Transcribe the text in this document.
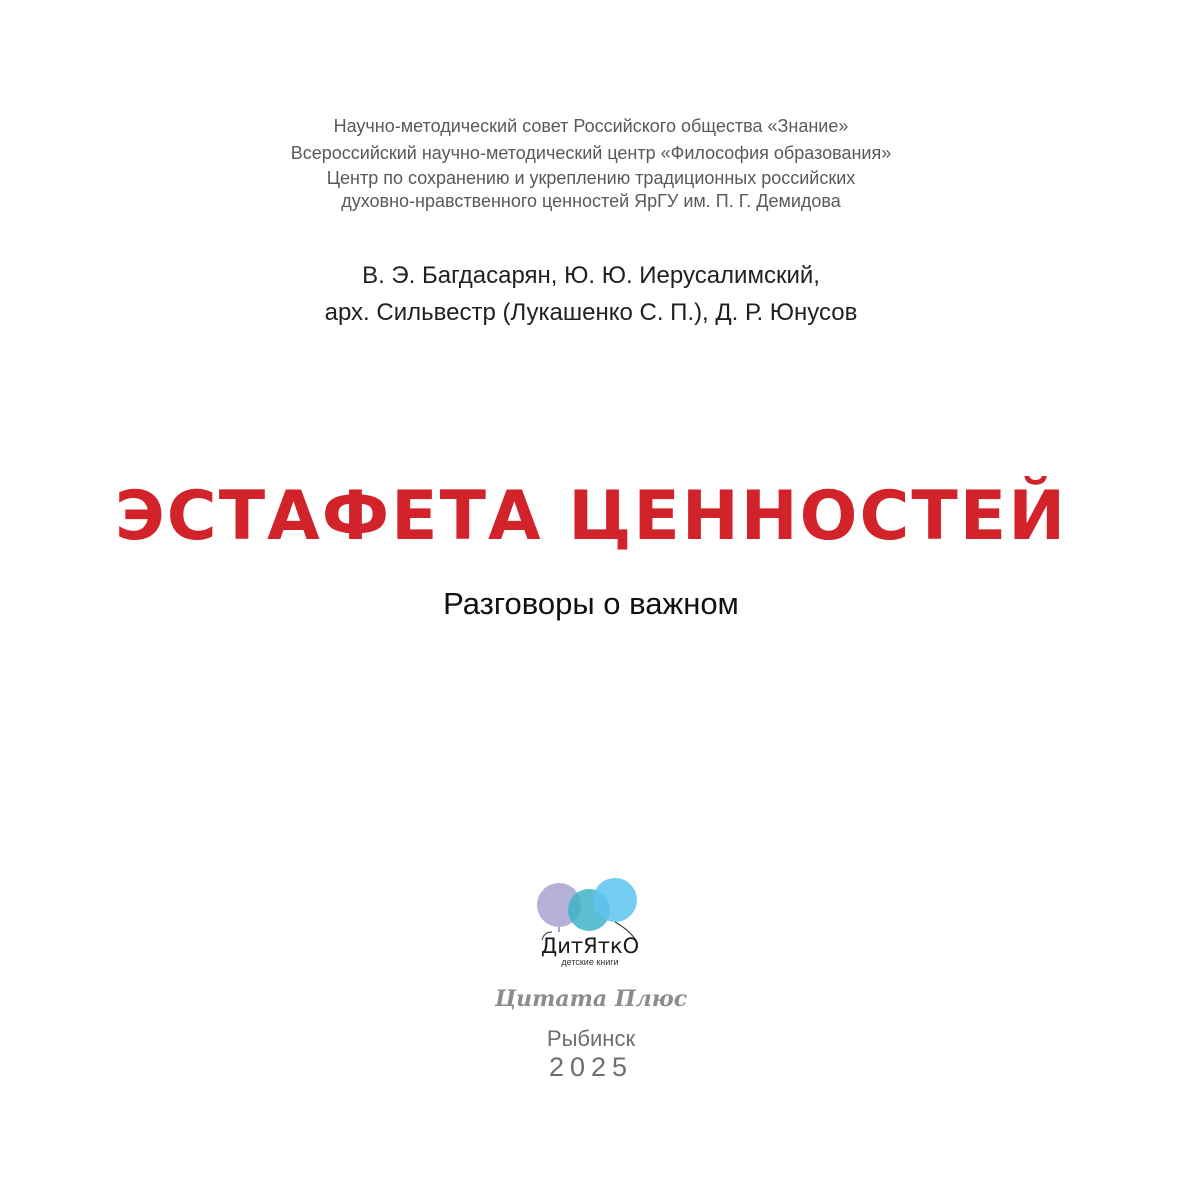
Научно-методический совет Российского общества «Знание»
Всероссийский научно-методический центр «Философия образования»
Центр по сохранению и укреплению традиционных российских
духовно-нравственного ценностей ЯрГУ им. П. Г. Демидова
В. Э. Багдасарян, Ю. Ю. Иерусалимский,
арх. Сильвестр (Лукашенко С. П.), Д. Р. Юнусов
ЭСТАФЕТА ЦЕННОСТЕЙ
Разговоры о важном
ДитЯткО
детские книги
Цитата Плюс
Рыбинск
2025
